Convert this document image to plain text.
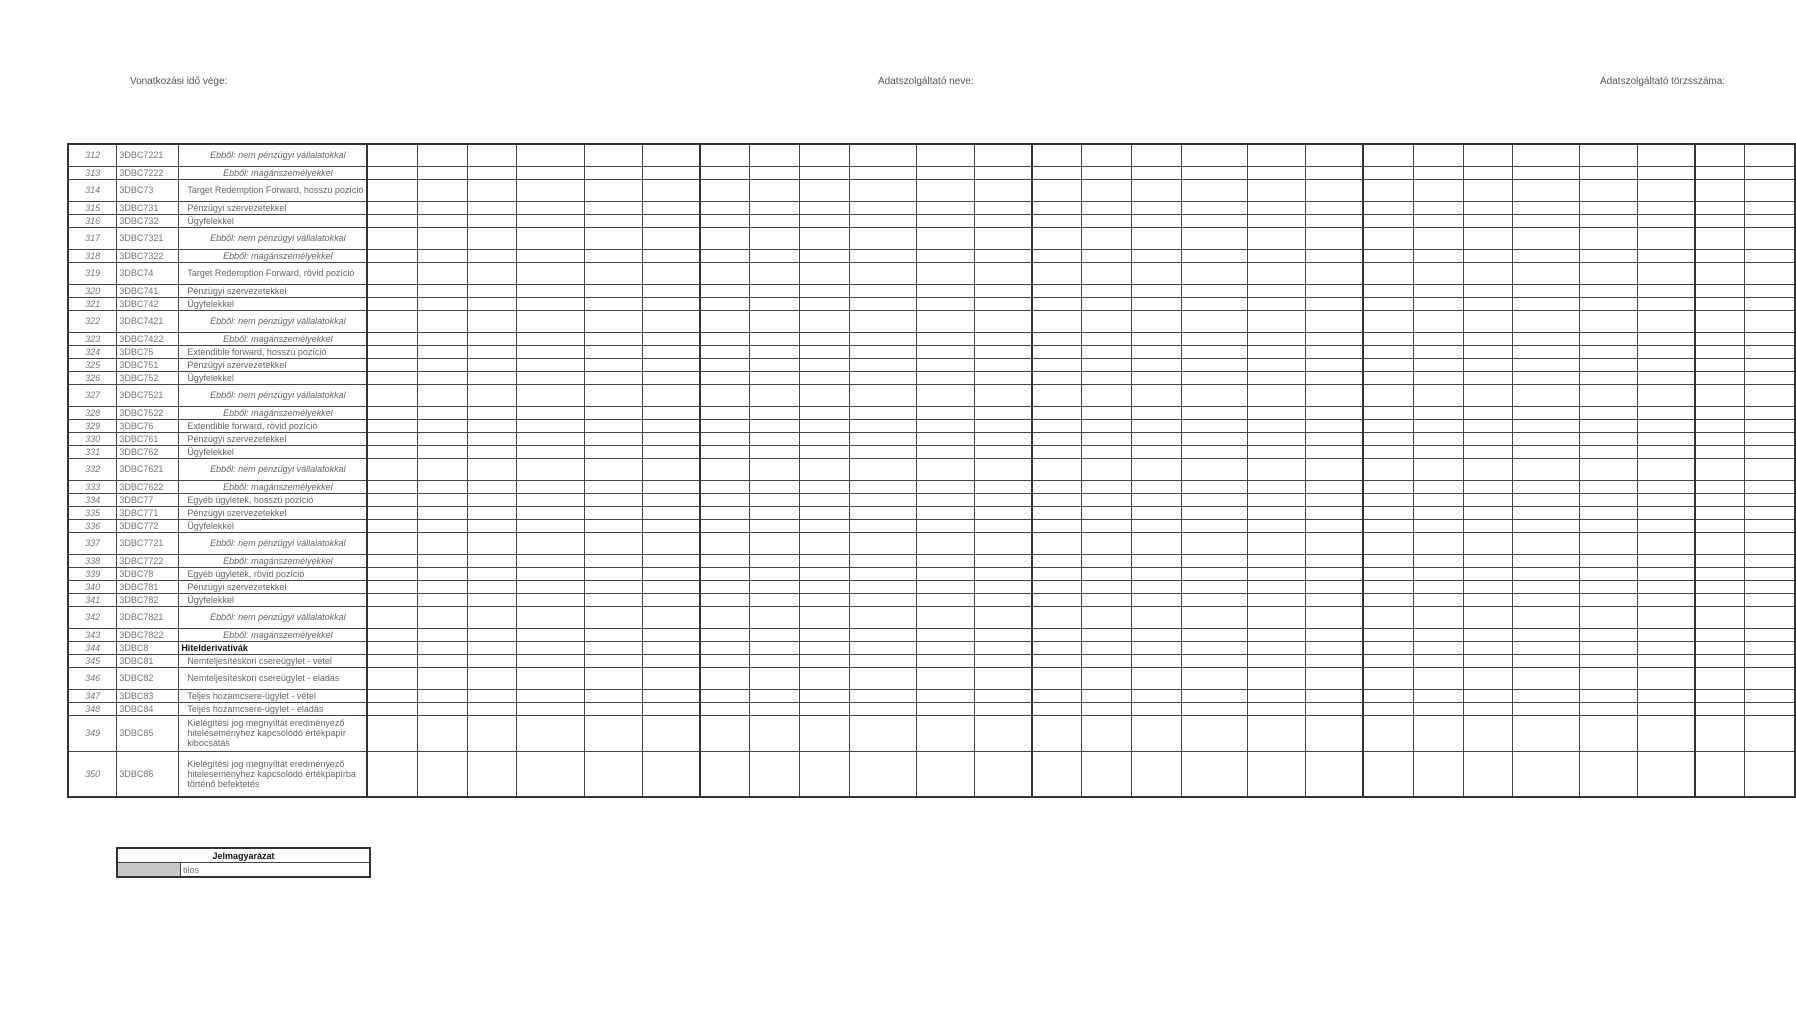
Vonatkozási idő vége:	Adatszolgáltató neve:	Adatszolgáltató törzsszáma:
312	3DBC7221	Ebből: nem pénzügyi vállalatokkal																										
313	3DBC7222	Ebből: magánszemélyekkel																										
314	3DBC73	Target Redemption Forward, hosszú pozíció																										
315	3DBC731	Pénzügyi szervezetekkel																										
316	3DBC732	Ügyfelekkel																										
317	3DBC7321	Ebből: nem pénzügyi vállalatokkal																										
318	3DBC7322	Ebből: magánszemélyekkel																										
319	3DBC74	Target Redemption Forward, rövid pozíció																										
320	3DBC741	Pénzügyi szervezetekkel																										
321	3DBC742	Ügyfelekkel																										
322	3DBC7421	Ebből: nem pénzügyi vállalatokkal																										
323	3DBC7422	Ebből: magánszemélyekkel																										
324	3DBC75	Extendible forward, hosszú pozíció																										
325	3DBC751	Pénzügyi szervezetekkel																										
326	3DBC752	Ügyfelekkel																										
327	3DBC7521	Ebből: nem pénzügyi vállalatokkal																										
328	3DBC7522	Ebből: magánszemélyekkel																										
329	3DBC76	Extendible forward, rövid pozíció																										
330	3DBC761	Pénzügyi szervezetekkel																										
331	3DBC762	Ügyfelekkel																										
332	3DBC7621	Ebből: nem pénzügyi vállalatokkal																										
333	3DBC7622	Ebből: magánszemélyekkel																										
334	3DBC77	Egyéb ügyletek, hosszú pozíció																										
335	3DBC771	Pénzügyi szervezetekkel																										
336	3DBC772	Ügyfelekkel																										
337	3DBC7721	Ebből: nem pénzügyi vállalatokkal																										
338	3DBC7722	Ebből: magánszemélyekkel																										
339	3DBC78	Egyéb ügyletek, rövid pozíció																										
340	3DBC781	Pénzügyi szervezetekkel																										
341	3DBC782	Ügyfelekkel																										
342	3DBC7821	Ebből: nem pénzügyi vállalatokkal																										
343	3DBC7822	Ebből: magánszemélyekkel																										
344	3DBC8	Hitelderivatívák																										
345	3DBC81	Nemteljesítéskori csereügylet - vétel																										
346	3DBC82	Nemteljesítéskori csereügylet - eladás																										
347	3DBC83	Teljes hozamcsere-ügylet - vétel																										
348	3DBC84	Teljes hozamcsere-ügylet - eladás																										
349	3DBC85	Kielégítési jog megnyíltát eredményező hiteleseményhez kapcsolódó értékpapír kibocsátás																										
350	3DBC86	Kielégítési jog megnyíltát eredményező hiteleseményhez kapcsolódó értékpapírba történő befektetés																										
Jelmagyarázat
	tilos
